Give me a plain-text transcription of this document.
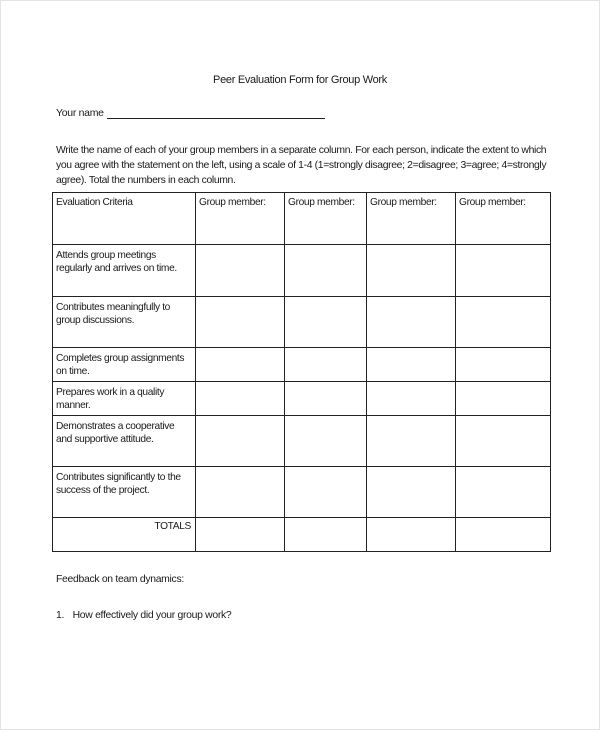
Peer Evaluation Form for Group Work
Your name
Write the name of each of your group members in a separate column. For each person, indicate the extent to which you agree with the statement on the left, using a scale of 1-4 (1=strongly disagree; 2=disagree; 3=agree; 4=strongly agree). Total the numbers in each column.
Evaluation Criteria	Group member:	Group member:	Group member:	Group member:
Attends group meetings regularly and arrives on time.				
Contributes meaningfully to group discussions.				
Completes group assignments on time.				
Prepares work in a quality manner.				
Demonstrates a cooperative and supportive attitude.				
Contributes significantly to the success of the project.				
TOTALS				
Feedback on team dynamics:
1. How effectively did your group work?
